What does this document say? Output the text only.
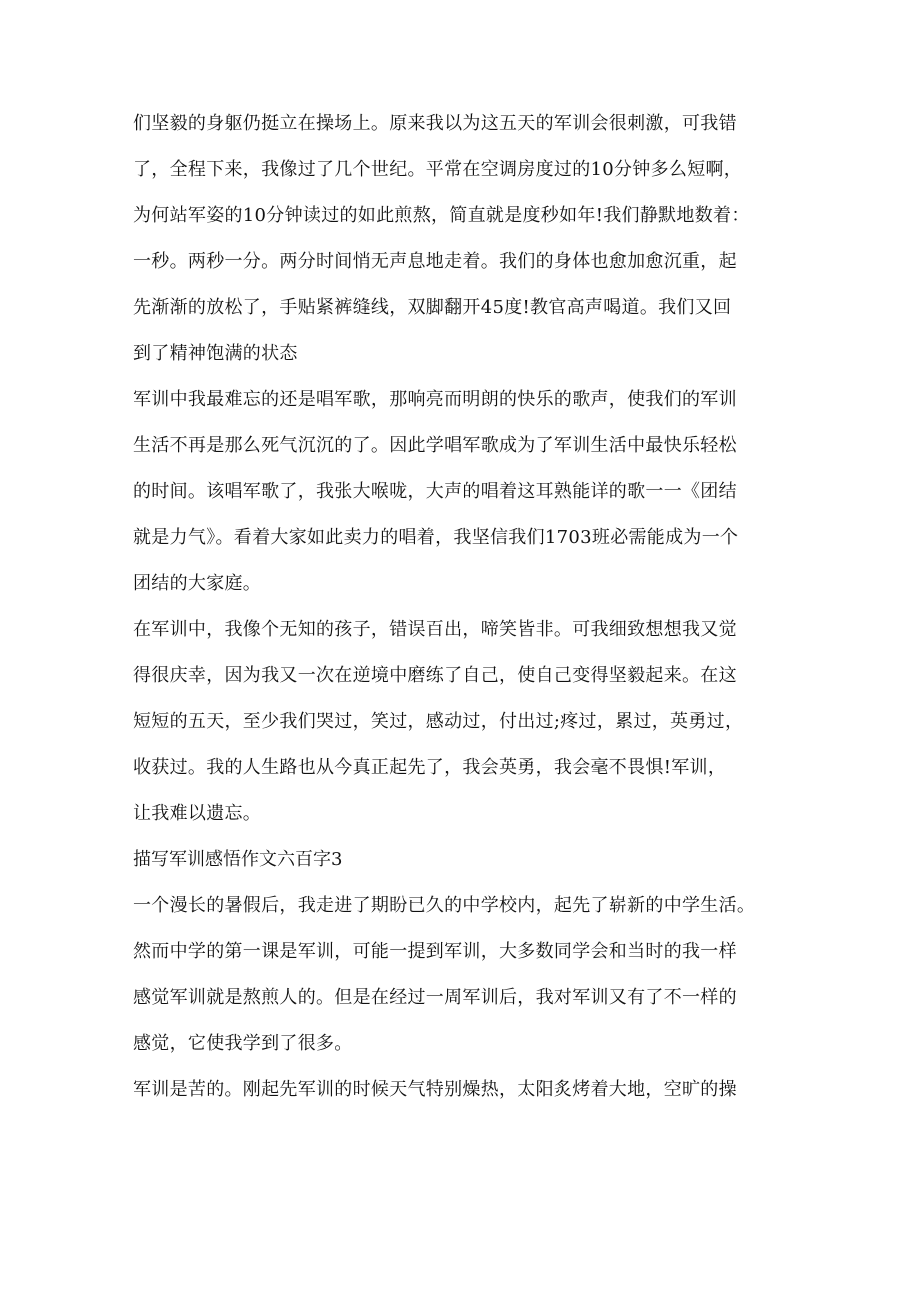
们坚毅的身躯仍挺立在操场上。原来我以为这五天的军训会很刺激，可我错
了，全程下来，我像过了几个世纪。平常在空调房度过的10分钟多么短啊，
为何站军姿的10分钟读过的如此煎熬，简直就是度秒如年!我们静默地数着：
一秒。两秒一分。两分时间悄无声息地走着。我们的身体也愈加愈沉重，起
先渐渐的放松了，手贴紧裤缝线，双脚翻开45度!教官高声喝道。我们又回
到了精神饱满的状态
军训中我最难忘的还是唱军歌，那响亮而明朗的快乐的歌声，使我们的军训
生活不再是那么死气沉沉的了。因此学唱军歌成为了军训生活中最快乐轻松
的时间。该唱军歌了，我张大喉咙，大声的唱着这耳熟能详的歌一一《团结
就是力气》。看着大家如此卖力的唱着，我坚信我们1703班必需能成为一个
团结的大家庭。
在军训中，我像个无知的孩子，错误百出，啼笑皆非。可我细致想想我又觉
得很庆幸，因为我又一次在逆境中磨练了自己，使自己变得坚毅起来。在这
短短的五天，至少我们哭过，笑过，感动过，付出过;疼过，累过，英勇过，
收获过。我的人生路也从今真正起先了，我会英勇，我会毫不畏惧!军训，
让我难以遗忘。
描写军训感悟作文六百字3
一个漫长的暑假后，我走进了期盼已久的中学校内，起先了崭新的中学生活。
然而中学的第一课是军训，可能一提到军训，大多数同学会和当时的我一样
感觉军训就是熬煎人的。但是在经过一周军训后，我对军训又有了不一样的
感觉，它使我学到了很多。
军训是苦的。刚起先军训的时候天气特别燥热，太阳炙烤着大地，空旷的操
